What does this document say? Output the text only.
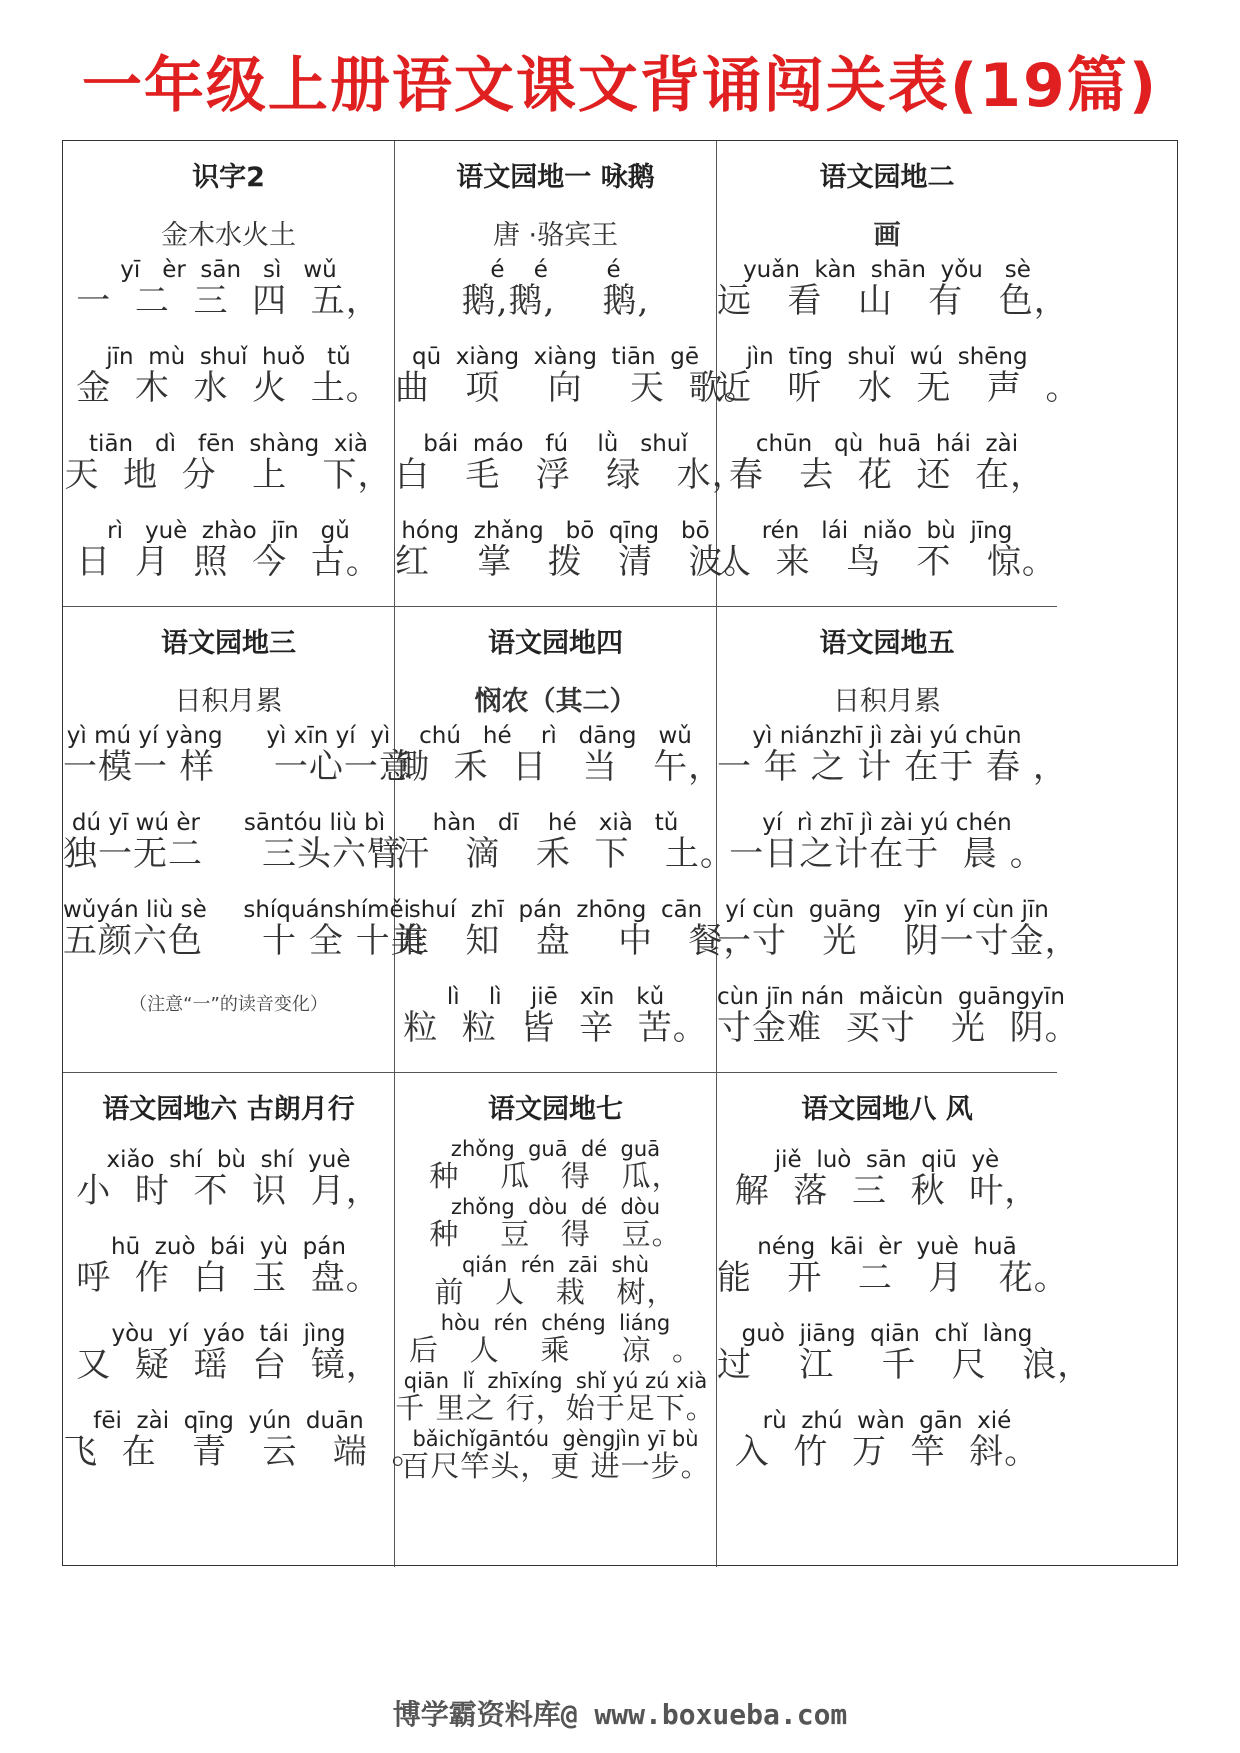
一年级上册语文课文背诵闯关表(19篇)
识字2
金木水火土
yī   èr  sān   sì   wǔ
一  二  三  四  五，
jīn  mù  shuǐ  huǒ   tǔ
金  木  水  火  土。
tiān   dì   fēn  shàng  xià
天  地  分   上   下，
rì   yuè  zhào  jīn   gǔ
日  月  照  今  古。
语文园地一 咏鹅
唐 ·骆宾王
é    é        é
鹅,鹅,    鹅,
qū  xiàng  xiàng  tiān  gē
曲   项    向    天  歌。
bái  máo   fú    lǜ   shuǐ
白   毛   浮   绿   水，
hóng  zhǎng   bō  qīng   bō
红    掌   拨   清   波。
语文园地二
画
yuǎn  kàn  shān  yǒu   sè
远   看   山   有   色，
jìn  tīng  shuǐ  wú  shēng
近   听   水  无   声  。
chūn   qù  huā  hái  zài
春   去  花  还  在，
rén   lái  niǎo  bù  jīng
人  来   鸟   不   惊。
语文园地三
日积月累
yì mú yí yàng      yì xīn yí  yì
一模一 样     一心一意
dú yī wú èr      sāntóu liù bì
独一无二     三头六臂
wǔyán liù sè     shíquánshíměi
五颜六色     十 全 十美
（注意“一”的读音变化）
语文园地四
悯农（其二）
chú   hé    rì   dāng   wǔ
锄  禾  日   当   午，
hàn   dī    hé   xià   tǔ
汗   滴   禾  下   土。
shuí  zhī  pán  zhōng  cān
谁   知   盘    中   餐，
lì    lì    jiē   xīn   kǔ
粒  粒  皆  辛  苦。
语文园地五
日积月累
yì niánzhī jì zài yú chūn
一 年 之 计 在于 春 ，
yí  rì zhī jì zài yú chén
一日之计在于  晨 。
yí cùn  guāng   yīn yí cùn jīn
一寸   光    阴一寸金，
cùn jīn nán  mǎicùn  guāngyīn
寸金难  买寸   光  阴。
语文园地六 古朗月行
xiǎo  shí  bù  shí  yuè
小  时  不  识  月，
hū  zuò  bái  yù  pán
呼  作  白  玉  盘。
yòu  yí  yáo  tái  jìng
又  疑  瑶  台  镜，
fēi  zài  qīng  yún  duān
飞  在   青   云   端  。
语文园地七
zhǒng  guā  dé  guā
种    瓜   得   瓜，
zhǒng  dòu  dé  dòu
种    豆   得   豆。
qián  rén  zāi  shù
前   人   栽   树，
hòu  rén  chéng  liáng
后   人    乘     凉  。
qiān  lǐ  zhīxíng  shǐ yú zú xià
千 里之 行，始于足下。
bǎichǐgāntóu  gèngjìn yī bù
百尺竿头，更 进一步。
语文园地八 风
jiě  luò  sān  qiū  yè
解  落  三  秋  叶，
néng  kāi  èr  yuè  huā
能   开   二   月   花。
guò  jiāng  qiān  chǐ  làng
过    江    千   尺   浪，
rù  zhú  wàn  gān  xié
入  竹  万  竿  斜。
博学霸资料库@ www.boxueba.com
